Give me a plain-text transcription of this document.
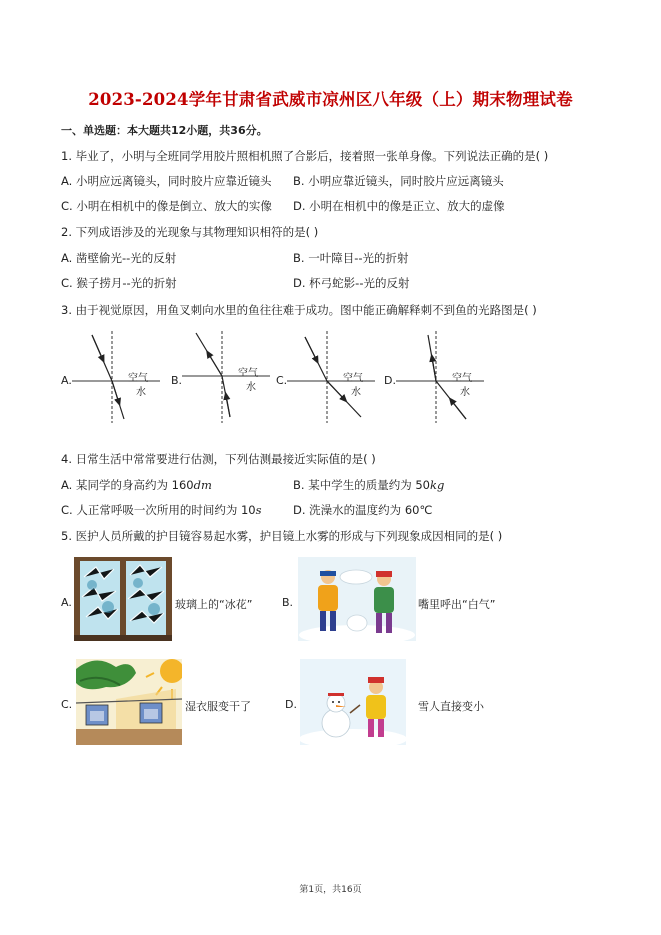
2023-2024学年甘肃省武威市凉州区八年级（上）期末物理试卷
一、单选题：本大题共12小题，共36分。
1. 毕业了，小明与全班同学用胶片照相机照了合影后，接着照一张单身像。下列说法正确的是( )
A. 小明应远离镜头，同时胶片应靠近镜头 B. 小明应靠近镜头，同时胶片应远离镜头
C. 小明在相机中的像是倒立、放大的实像 D. 小明在相机中的像是正立、放大的虚像
2. 下列成语涉及的光现象与其物理知识相符的是( )
A. 凿壁偷光--光的反射	B. 一叶障目--光的折射
C. 猴子捞月--光的折射	D. 杯弓蛇影--光的反射
3. 由于视觉原因，用鱼叉刺向水里的鱼往往难于成功。图中能正确解释刺不到鱼的光路图是( )
A.	空气
水
B.
空气
水
C.	空气
水
D.	空气
水
4. 日常生活中常常要进行估测，下列估测最接近实际值的是( )
A. 某同学的身高约为 160dm	B. 某中学生的质量约为 50kg
C. 人正常呼吸一次所用的时间约为 10s	D. 洗澡水的温度约为 60℃
5. 医护人员所戴的护目镜容易起水雾，护目镜上水雾的形成与下列现象成因相同的是( )
A.	玻璃上的“冰花”	B.	嘴里呼出“白气”
C.	湿衣服变干了	D.	雪人直接变小
第1页，共16页
